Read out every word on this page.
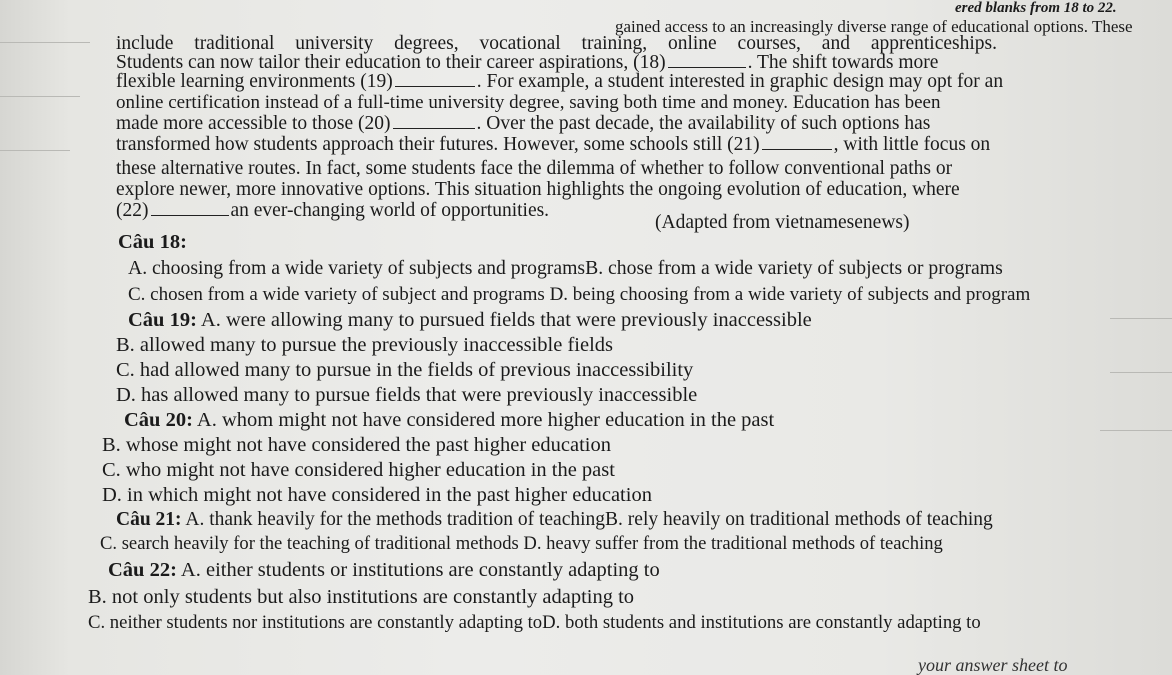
ered blanks from 18 to 22.
gained access to an increasingly diverse range of educational options. These
include traditional university degrees, vocational training, online courses, and apprenticeships.
Students can now tailor their education to their career aspirations, (18)	. The shift towards more
flexible learning environments (19)	. For example, a student interested in graphic design may opt for an
online certification instead of a full-time university degree, saving both time and money. Education has been
made more accessible to those (20)	. Over the past decade, the availability of such options has
transformed how students approach their futures. However, some schools still (21)	, with little focus on
these alternative routes. In fact, some students face the dilemma of whether to follow conventional paths or
explore newer, more innovative options. This situation highlights the ongoing evolution of education, where
(22)	an ever-changing world of opportunities.
(Adapted from vietnamesenews)
Câu 18:
A. choosing from a wide variety of subjects and programsB. chose from a wide variety of subjects or programs
C. chosen from a wide variety of subject and programs D. being choosing from a wide variety of subjects and program
Câu 19: A. were allowing many to pursued fields that were previously inaccessible
B. allowed many to pursue the previously inaccessible fields
C. had allowed many to pursue in the fields of previous inaccessibility
D. has allowed many to pursue fields that were previously inaccessible
Câu 20: A. whom might not have considered more higher education in the past
B. whose might not have considered the past higher education
C. who might not have considered higher education in the past
D. in which might not have considered in the past higher education
Câu 21: A. thank heavily for the methods tradition of teachingB. rely heavily on traditional methods of teaching
C. search heavily for the teaching of traditional methods D. heavy suffer from the traditional methods of teaching
Câu 22: A. either students or institutions are constantly adapting to
B. not only students but also institutions are constantly adapting to
C. neither students nor institutions are constantly adapting toD. both students and institutions are constantly adapting to
your answer sheet to
